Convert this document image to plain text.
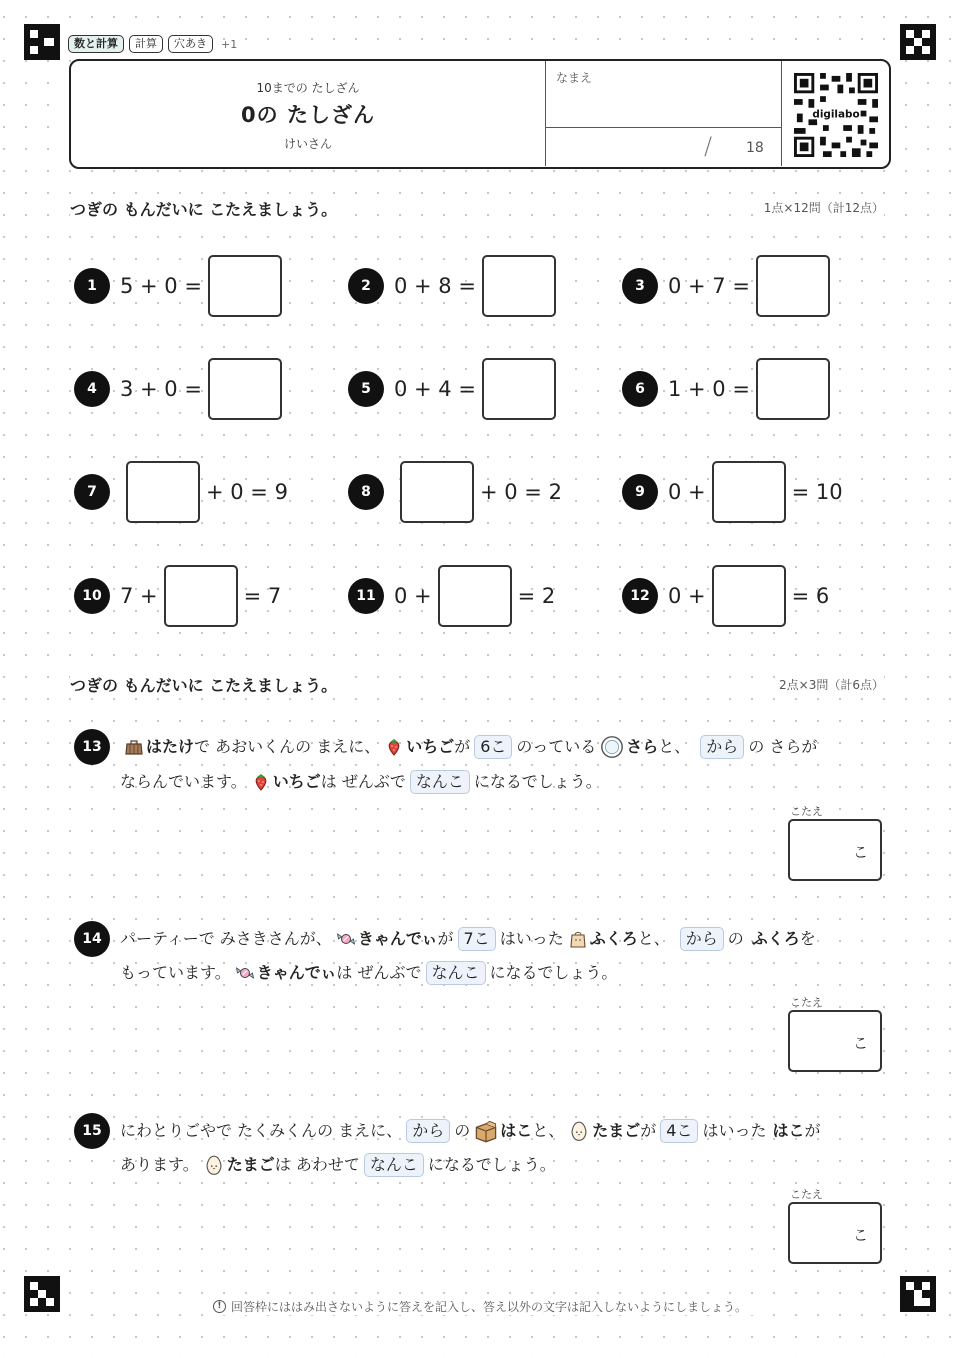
数と計算	計算	穴あき	+1
10までの たしざん
0の たしざん
けいさん
なまえ
/ 18
digilabo
つぎの もんだいに こたえましょう。	1点×12問（計12点）
1	5 + 0 =	2	0 + 8 =	3	0 + 7 =
4	3 + 0 =	5	0 + 4 =	6	1 + 0 =
7	+ 0 = 9	8	+ 0 = 2	9	0 +	= 10
10 7 +	= 7	11 0 +	= 2	12 0 +	= 6
つぎの もんだいに こたえましょう。	2点×3問（計6点）
13	はたけ で あおいくんの まえに、 いちご が 6こ のっている さら と、	から の さらが
ならんでいます。 いちご は ぜんぶで なんこ になるでしょう。
こたえ
こ
14	パーティーで みさきさんが、 きゃんでぃ が 7こ はいった ふくろ と、	から の ふくろ を
もっています。 きゃんでぃ は ぜんぶで なんこ になるでしょう。
こたえ
こ
15	にわとりごやで たくみくんの まえに、 から の はこ と、 たまご が 4こ はいった はこ が
あります。 たまご は あわせて なんこ になるでしょう。
こたえ
こ
! 回答枠にははみ出さないように答えを記入し、答え以外の文字は記入しないようにしましょう。
